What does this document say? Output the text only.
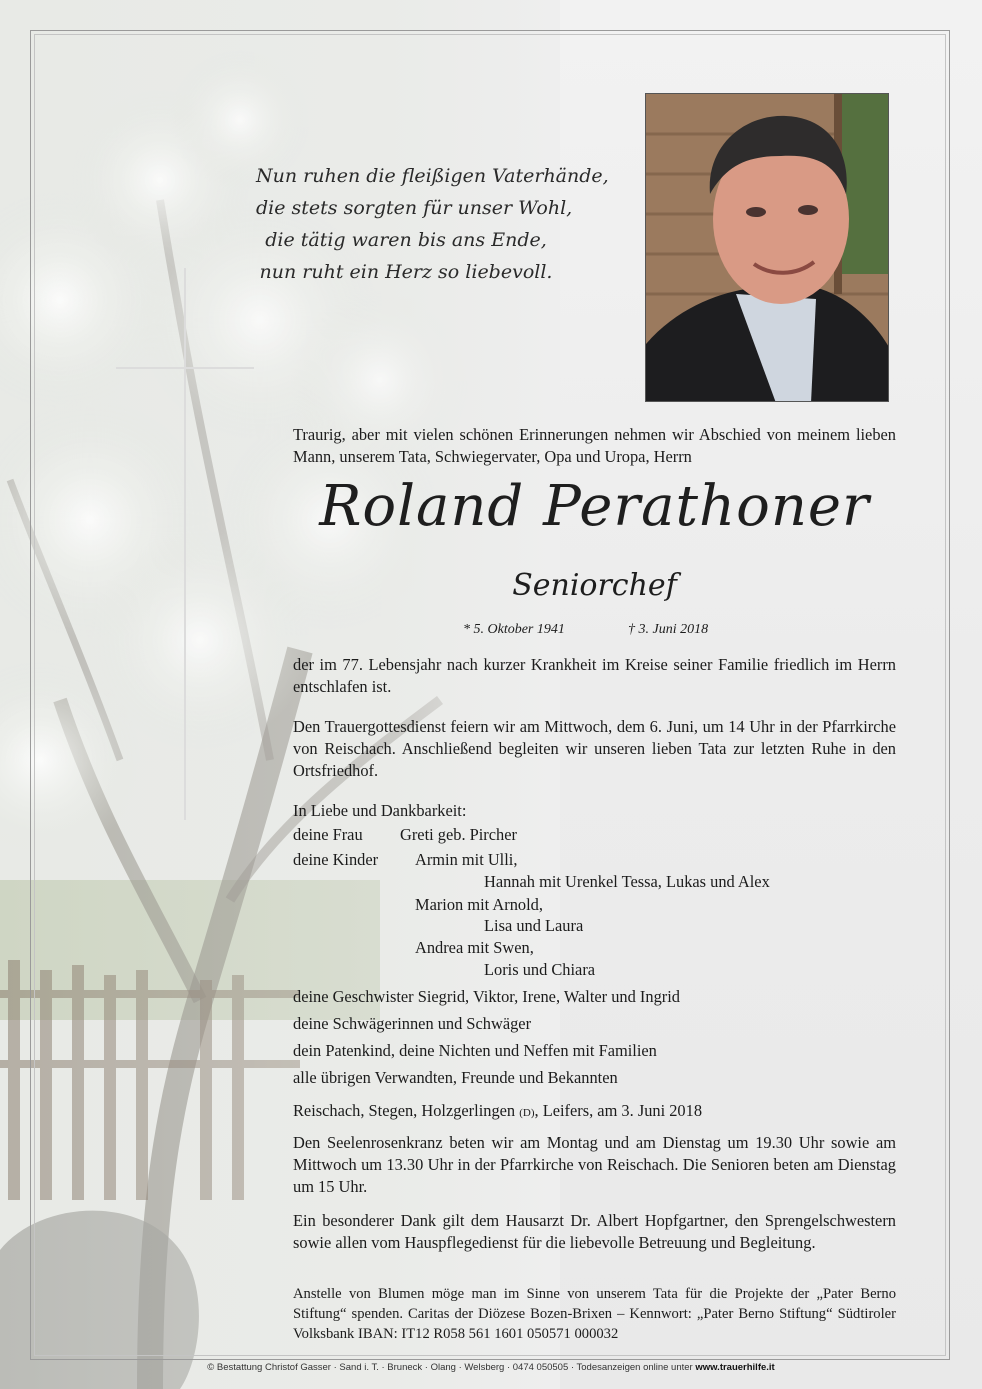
Nun ruhen die fleißigen Vaterhände,
die stets sorgten für unser Wohl,
die tätig waren bis ans Ende,
nun ruht ein Herz so liebevoll.
Traurig, aber mit vielen schönen Erinnerungen nehmen wir Abschied von meinem lieben Mann, unserem Tata, Schwiegervater, Opa und Uropa, Herrn
Roland Perathoner
Seniorchef
* 5. Oktober 1941	† 3. Juni 2018
der im 77. Lebensjahr nach kurzer Krankheit im Kreise seiner Familie friedlich im Herrn entschlafen ist.
Den Trauergottesdienst feiern wir am Mittwoch, dem 6. Juni, um 14 Uhr in der Pfarrkirche von Reischach. Anschließend begleiten wir unseren lieben Tata zur letzten Ruhe in den Ortsfriedhof.
In Liebe und Dankbarkeit:
deine Frau Greti geb. Pircher
deine Kinder Armin mit Ulli,
Hannah mit Urenkel Tessa, Lukas und Alex
Marion mit Arnold,
Lisa und Laura
Andrea mit Swen,
Loris und Chiara
deine Geschwister Siegrid, Viktor, Irene, Walter und Ingrid
deine Schwägerinnen und Schwäger
dein Patenkind, deine Nichten und Neffen mit Familien
alle übrigen Verwandten, Freunde und Bekannten
Reischach, Stegen, Holzgerlingen (D), Leifers, am 3. Juni 2018
Den Seelenrosenkranz beten wir am Montag und am Dienstag um 19.30 Uhr sowie am Mittwoch um 13.30 Uhr in der Pfarrkirche von Reischach. Die Senioren beten am Dienstag um 15 Uhr.
Ein besonderer Dank gilt dem Hausarzt Dr. Albert Hopfgartner, den Sprengelschwestern sowie allen vom Hauspflegedienst für die liebevolle Betreuung und Begleitung.
Anstelle von Blumen möge man im Sinne von unserem Tata für die Projekte der „Pater Berno Stiftung“ spenden. Caritas der Diözese Bozen-Brixen – Kennwort: „Pater Berno Stiftung“ Südtiroler Volksbank IBAN: IT12 R058 561 1601 050571 000032
© Bestattung Christof Gasser · Sand i. T. · Bruneck · Olang · Welsberg · 0474 050505 · Todesanzeigen online unter www.trauerhilfe.it
